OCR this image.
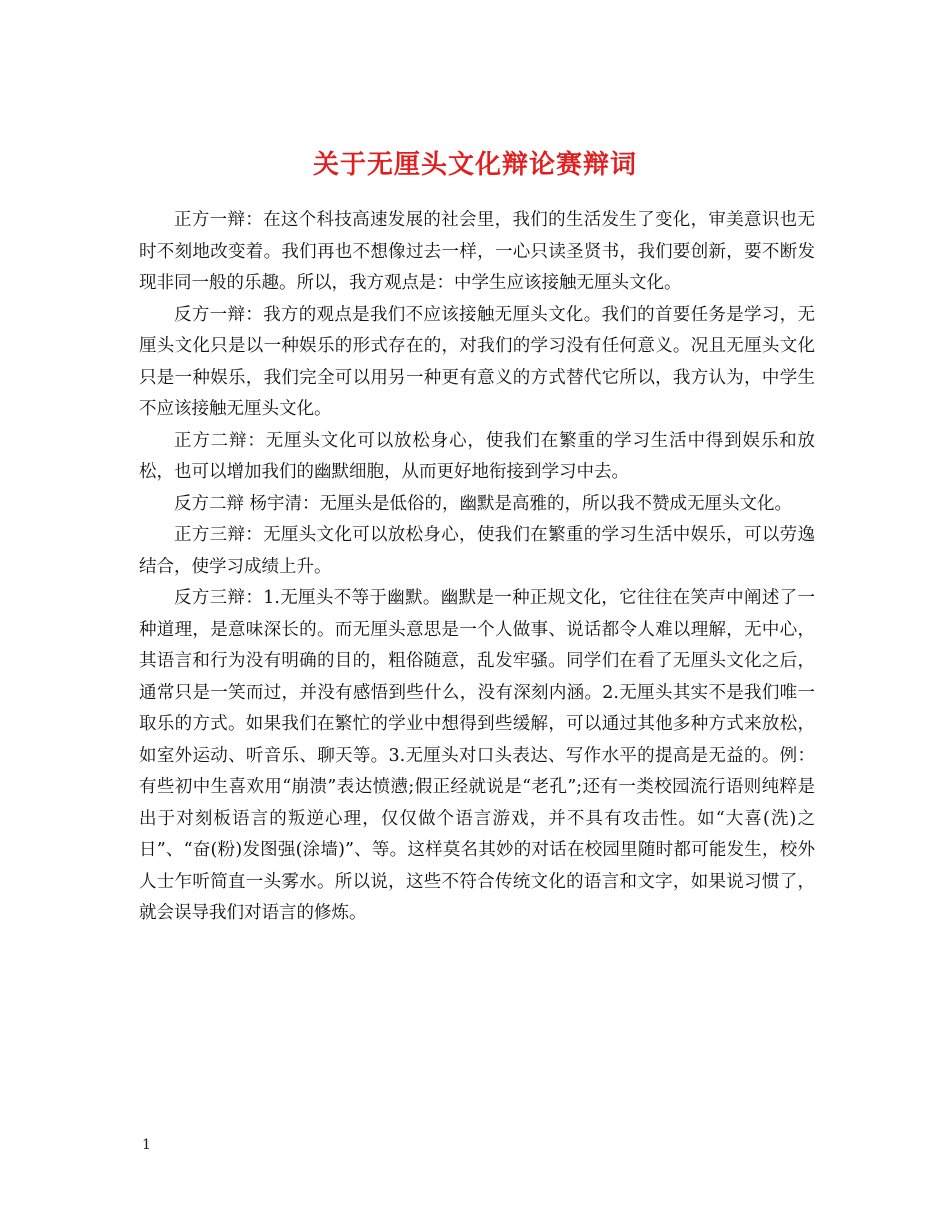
关于无厘头文化辩论赛辩词

正方一辩：在这个科技高速发展的社会里，我们的生活发生了变化，审美意识也无时不刻地改变着。我们再也不想像过去一样，一心只读圣贤书，我们要创新，要不断发现非同一般的乐趣。所以，我方观点是：中学生应该接触无厘头文化。

反方一辩：我方的观点是我们不应该接触无厘头文化。我们的首要任务是学习，无厘头文化只是以一种娱乐的形式存在的，对我们的学习没有任何意义。况且无厘头文化只是一种娱乐，我们完全可以用另一种更有意义的方式替代它所以，我方认为，中学生不应该接触无厘头文化。

正方二辩：无厘头文化可以放松身心，使我们在繁重的学习生活中得到娱乐和放松，也可以增加我们的幽默细胞，从而更好地衔接到学习中去。

反方二辩 杨宇清：无厘头是低俗的，幽默是高雅的，所以我不赞成无厘头文化。

正方三辩：无厘头文化可以放松身心，使我们在繁重的学习生活中娱乐，可以劳逸结合，使学习成绩上升。

反方三辩：1.无厘头不等于幽默。幽默是一种正规文化，它往往在笑声中阐述了一种道理，是意味深长的。而无厘头意思是一个人做事、说话都令人难以理解，无中心，其语言和行为没有明确的目的，粗俗随意，乱发牢骚。同学们在看了无厘头文化之后，通常只是一笑而过，并没有感悟到些什么，没有深刻内涵。2.无厘头其实不是我们唯一取乐的方式。如果我们在繁忙的学业中想得到些缓解，可以通过其他多种方式来放松，如室外运动、听音乐、聊天等。3.无厘头对口头表达、写作水平的提高是无益的。例：有些初中生喜欢用“崩溃”表达愤懑;假正经就说是“老孔”;还有一类校园流行语则纯粹是出于对刻板语言的叛逆心理，仅仅做个语言游戏，并不具有攻击性。如“大喜(洗)之日”、“奋(粉)发图强(涂墙)”、等。这样莫名其妙的对话在校园里随时都可能发生，校外人士乍听简直一头雾水。所以说，这些不符合传统文化的语言和文字，如果说习惯了，就会误导我们对语言的修炼。

1
